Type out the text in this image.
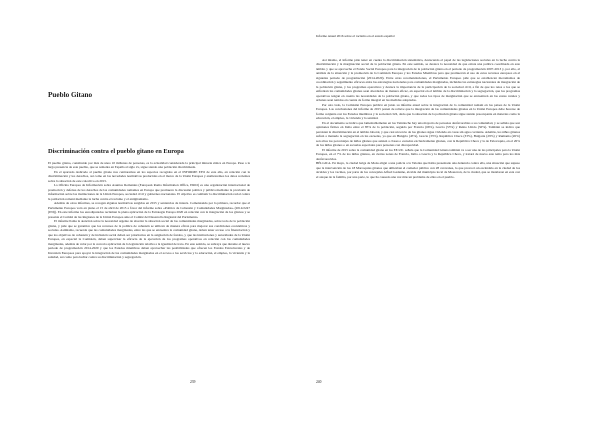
Pueblo Gitano
Discriminación contra el pueblo gitano en Europa

El pueblo gitano, constituido por más de unos 10 millones de personas, es la actualidad considerada la principal minoría étnica en Europa. Pese a la larga presencia de este pueblo, que se remonta en España al siglo xv, sigue siendo una población discriminada.

En el apartado dedicado al pueblo gitano nos centraremos en los aspectos recogidos en el INFORME EFO de este año, en relación con la discriminación y los derechos, así como en las novedades normativas producidas en el marco de la Unión Europea y analizaremos los datos recientes sobre la situación de este colectivo en 2015.

La Oficina Europea de Información sobre Asuntos Romaníes (European Roma Information Office, ERIO) es una organización internacional de promoción y defensa de los derechos de las comunidades romaníes en Europa que promueve la discusión política y pública mediante la provisión de información sobre las instituciones de la Unión Europea, sociedad civil y gobiernos nacionales. El objetivo es combatir la discriminación racial contra la población romaní mediante la lucha contra el racismo y el antigitanismo.

Además de otros informes, se recogen algunas normativas surgidas en 2015 y sentencias de interés. Comenzando por la primera, recordar que el Parlamento Europeo votó en pleno el 15 de abril de 2015 a favor del informe sobre «Política de Cohesión y Comunidades Marginadas» (2014/2247 (INI)). En este informe los eurodiputados reclaman la plena aplicación de la Estrategia Europa 2020 en relación con la integración de los gitanos y se presenta el Comité de las Regiones de la Unión Europea ante el Comité del Desarrollo Regional del Parlamento.

El informe llama la atención sobre la necesidad urgente de abordar la situación social de las comunidades marginadas, sobre todo de la población gitana, y pide que se garantice que los recursos de la política de cohesión se utilicen de manera eficaz para mejorar sus condiciones económicas y sociales. Asimismo, recuerda que las comunidades marginadas, entre las que se encuentra la comunidad gitana, deben tener acceso a la financiación y que los objetivos de cohesión y de inclusión social deben ser prioritarios en la asignación de fondos, y que las instituciones y autoridades de la Unión Europea, en especial la Comisión, deben supervisar la eficacia de la ejecución de los programas operativos en relación con las comunidades marginadas, además de velar por la correcta aplicación de la legislación relativa a la igualdad de trato. En este sentido, se subraya que durante el nuevo periodo de programación 2014-2020 y que los Estados miembros deben aprovechar las posibilidades que ofrecen los Fondos Estructurales y de Inversión Europeos para apoyar la integración de las comunidades marginadas en el acceso a los servicios y la educación, el empleo, la vivienda y la sanidad, así como para luchar contra su discriminación y segregación.

239

Informe Anual 2016 sobre el racismo en el estado español

Así mismo, el informe pide tener en cuenta la discriminación sistemática, destacando el papel de las legislaciones sociales en la lucha contra la discriminación y la marginación social de la población gitana. En este sentido, se destaca la necesidad de que exista una política coordinada en este ámbito y que se aproveche el Fondo Social Europeo para la integración de la población gitana en el periodo de programación 2007-2013 y, por ello, el análisis de la situación y la promoción de la Comisión Europea y los Estados Miembros para que promuevan el uso de estos recursos europeos en el siguiente periodo de programación (2014-2020). Entre otras recomendaciones, el Parlamento Europeo pide que se establezcan mecanismos de coordinación y seguimiento eficaces entre las estrategias nacionales para comunidades marginadas, incluidas las estrategias nacionales de integración de la población gitana, y los programas operativos y destaca la importancia de la participación de la sociedad civil, a fin de que los retos a los que se enfrentan las comunidades gitanas sean abordados de manera eficaz, en especial en el ámbito de la discriminación y la segregación, que los programas operativos tengan en cuenta las necesidades de la población gitana, y que todos los tipos de marginación que se encuentren en las zonas rurales y urbanas sean tenidos en cuenta de forma integral en las medidas adoptadas.

Por otro lado, la Comisión Europea publicó en junio su informe anual sobre la integración de la comunidad romaní en los países de la Unión Europea. Las conclusiones del informe de 2015 ponen de relieve que la integración de las comunidades gitanas en la Unión Europea debe hacerse de forma conjunta con los Estados miembros y la sociedad civil, dado que la situación de la población gitana sigue siendo preocupante en materias como la educación, el empleo, la vivienda y la sanidad.

En el documento se indica que lamentablemente en los Veintiocho hay una mayoría de personas desfavorables a su comunidad, y se señala que son opiniones firmes en Italia entre el 85% de la población, seguida por Francia (66%), Grecia (53%) y Reino Unido (50%). También se indica que persisten la discriminación en el ámbito laboral, y que casi un tercio de los gitanos sigue viviendo en casas sin agua corriente. Además, los niños gitanos sufren a menudo la segregación en las escuelas, ya que en Hungría (45%), Grecia (33%), República Checa (33%), Bulgaria (29%) y Rumanía (26%) son altos los porcentajes de niños gitanos que asisten a clases o escuelas exclusivamente gitanas, con la República Checa y la de Eslovaquia, en el 26% de los niños gitanos o en escuelas especiales para personas con discapacidad.

El informe de 2015 sobre la comunidad gitana en los EE.UU. señala que la Comunidad Gitana también va a ser una de las principales para la Unión Europea, en el 7% de los niños gitanos, en ciertas zonas de Francia, Italia o Grecia y la República Checa, y tratará de nuevo este tema para los más desfavorecidos.

BÉLGICA. En mayo, la ciudad belga de Mons eligió a una policía a la Valonia que había presentado una denuncia contra ella, una situación que supuso que la intervención de los 18 Marroquíes gitanos que utilizaban el comedor público con 28 caravanas, lo que provocó un escándalo en la ciudad de los alcaldes y los vecinos, por parte de los concejales Alfred Gadenne, alcalde del municipio local de Mouscron, de la ciudad, que se instalaron en esta con el ataque de la familia, por una parte, lo que ha causado una vez más un problema de ellos en el pueblo.

240
